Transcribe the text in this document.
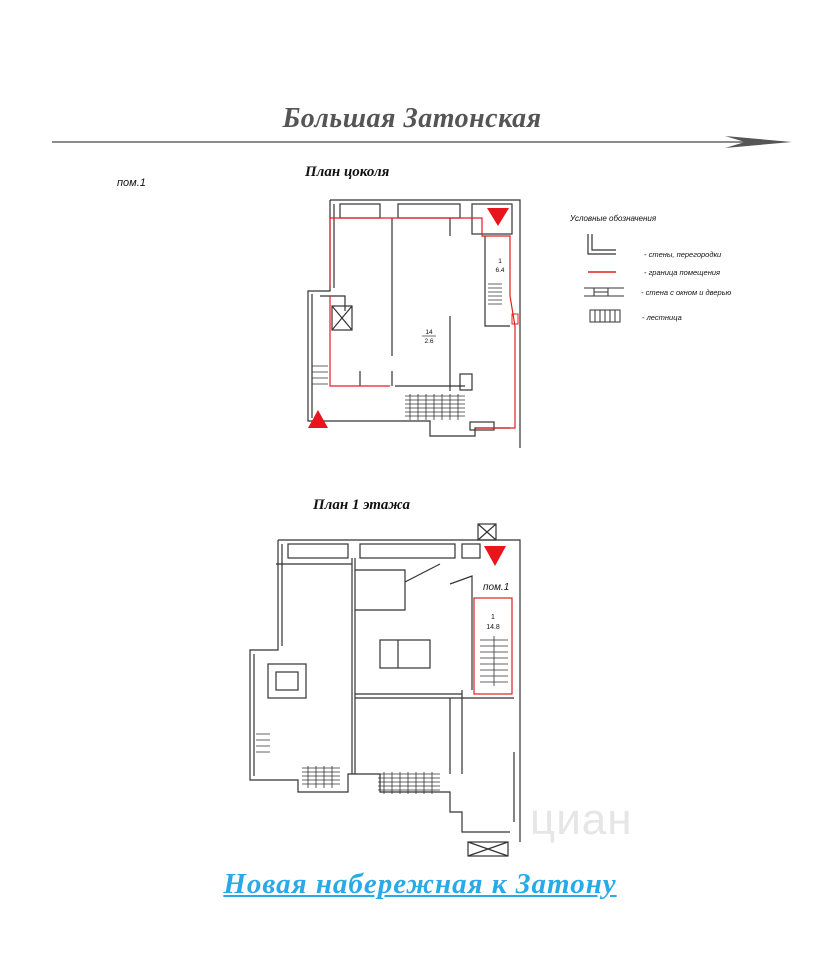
Большая Затонская
План цоколя
пом.1
1
6.4
14
2.6
Условные обозначения
- стены, перегородки
- граница помещения
- стена с окном и дверью
- лестница
План 1 этажа
1
14.8
пом.1
циан
Новая набережная к Затону
